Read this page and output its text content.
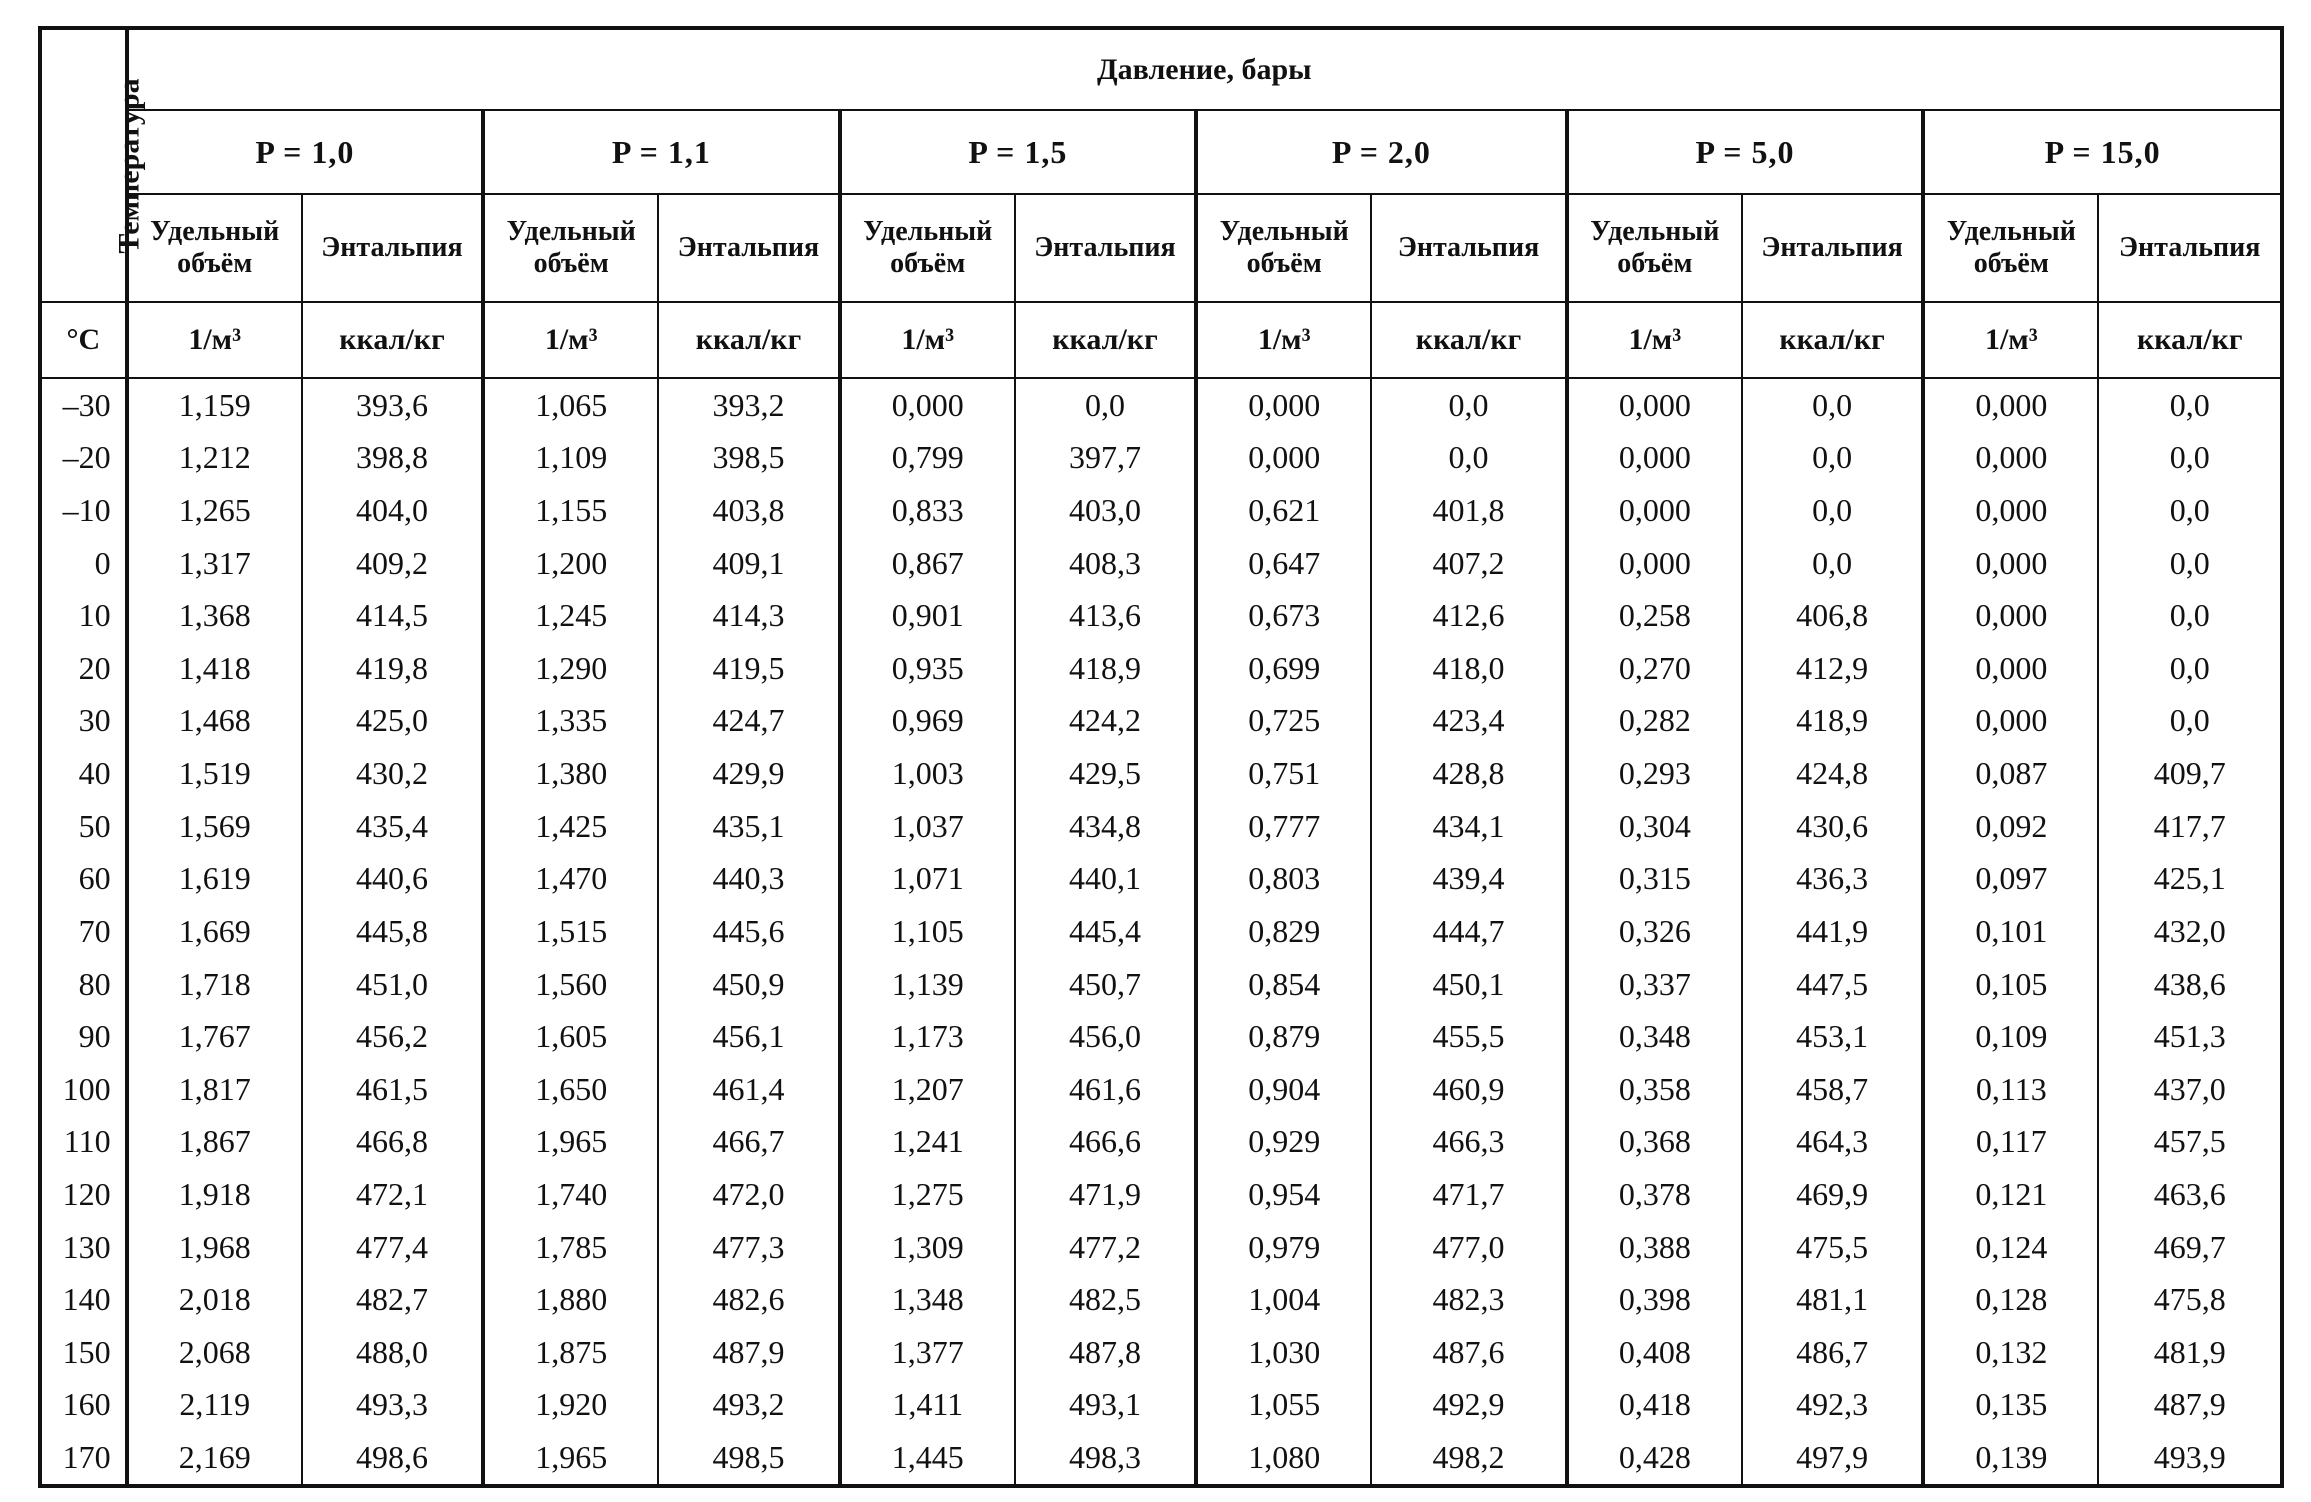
Температура	Давление, бары											
	P = 1,0		P = 1,1		P = 1,5		P = 2,0		P = 5,0		P = 15,0	
	Удельный объём	Энтальпия	Удельный объём	Энтальпия	Удельный объём	Энтальпия	Удельный объём	Энтальпия	Удельный объём	Энтальпия	Удельный объём	Энтальпия
°С	1/м³	ккал/кг	1/м³	ккал/кг	1/м³	ккал/кг	1/м³	ккал/кг	1/м³	ккал/кг	1/м³	ккал/кг
–30	1,159	393,6	1,065	393,2	0,000	0,0	0,000	0,0	0,000	0,0	0,000	0,0
–20	1,212	398,8	1,109	398,5	0,799	397,7	0,000	0,0	0,000	0,0	0,000	0,0
–10	1,265	404,0	1,155	403,8	0,833	403,0	0,621	401,8	0,000	0,0	0,000	0,0
0	1,317	409,2	1,200	409,1	0,867	408,3	0,647	407,2	0,000	0,0	0,000	0,0
10	1,368	414,5	1,245	414,3	0,901	413,6	0,673	412,6	0,258	406,8	0,000	0,0
20	1,418	419,8	1,290	419,5	0,935	418,9	0,699	418,0	0,270	412,9	0,000	0,0
30	1,468	425,0	1,335	424,7	0,969	424,2	0,725	423,4	0,282	418,9	0,000	0,0
40	1,519	430,2	1,380	429,9	1,003	429,5	0,751	428,8	0,293	424,8	0,087	409,7
50	1,569	435,4	1,425	435,1	1,037	434,8	0,777	434,1	0,304	430,6	0,092	417,7
60	1,619	440,6	1,470	440,3	1,071	440,1	0,803	439,4	0,315	436,3	0,097	425,1
70	1,669	445,8	1,515	445,6	1,105	445,4	0,829	444,7	0,326	441,9	0,101	432,0
80	1,718	451,0	1,560	450,9	1,139	450,7	0,854	450,1	0,337	447,5	0,105	438,6
90	1,767	456,2	1,605	456,1	1,173	456,0	0,879	455,5	0,348	453,1	0,109	451,3
100	1,817	461,5	1,650	461,4	1,207	461,6	0,904	460,9	0,358	458,7	0,113	437,0
110	1,867	466,8	1,965	466,7	1,241	466,6	0,929	466,3	0,368	464,3	0,117	457,5
120	1,918	472,1	1,740	472,0	1,275	471,9	0,954	471,7	0,378	469,9	0,121	463,6
130	1,968	477,4	1,785	477,3	1,309	477,2	0,979	477,0	0,388	475,5	0,124	469,7
140	2,018	482,7	1,880	482,6	1,348	482,5	1,004	482,3	0,398	481,1	0,128	475,8
150	2,068	488,0	1,875	487,9	1,377	487,8	1,030	487,6	0,408	486,7	0,132	481,9
160	2,119	493,3	1,920	493,2	1,411	493,1	1,055	492,9	0,418	492,3	0,135	487,9
170	2,169	498,6	1,965	498,5	1,445	498,3	1,080	498,2	0,428	497,9	0,139	493,9
